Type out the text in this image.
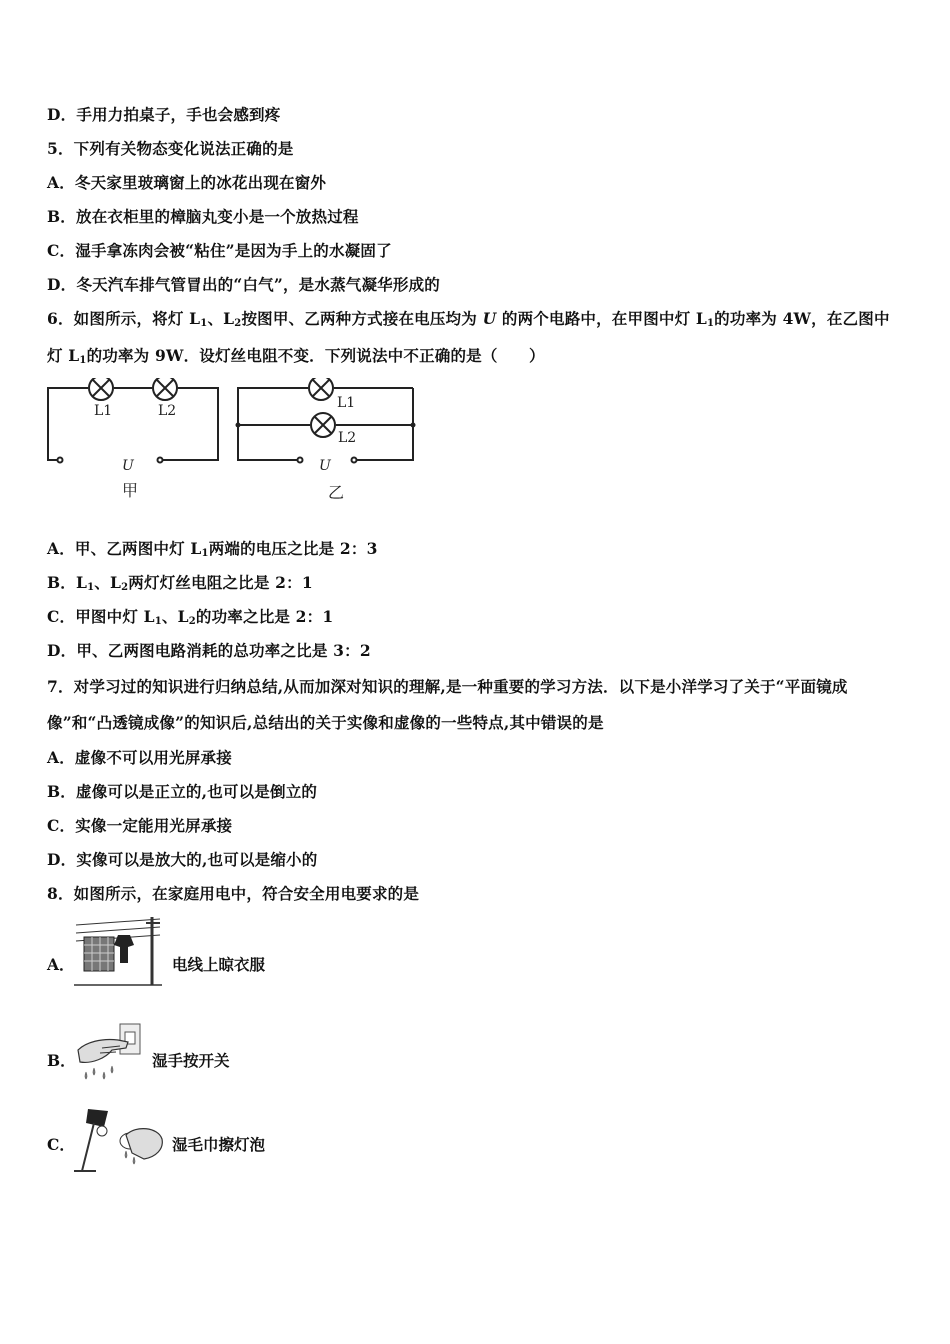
D．手用力拍桌子，手也会感到疼
5．下列有关物态变化说法正确的是
A．冬天家里玻璃窗上的冰花出现在窗外
B．放在衣柜里的樟脑丸变小是一个放热过程
C．湿手拿冻肉会被“粘住”是因为手上的水凝固了
D．冬天汽车排气管冒出的“白气”，是水蒸气凝华形成的
6．如图所示，将灯 $L_1$、$L_2$按图甲、乙两种方式接在电压均为 U 的两个电路中，在甲图中灯 $L_1$的功率为 4W，在乙图中
灯 $L_1$的功率为 9W．设灯丝电阻不变．下列说法中不正确的是（　　）
L1	L2
U
甲
L1
L2
U
乙
A．甲、乙两图中灯 $L_1$两端的电压之比是 2：3
B．$L_1$、$L_2$两灯灯丝电阻之比是 2：1
C．甲图中灯 $L_1$、$L_2$的功率之比是 2：1
D．甲、乙两图电路消耗的总功率之比是 3：2
7．对学习过的知识进行归纳总结,从而加深对知识的理解,是一种重要的学习方法．以下是小洋学习了关于“平面镜成
像”和“凸透镜成像”的知识后,总结出的关于实像和虚像的一些特点,其中错误的是
A．虚像不可以用光屏承接
B．虚像可以是正立的,也可以是倒立的
C．实像一定能用光屏承接
D．实像可以是放大的,也可以是缩小的
8．如图所示，在家庭用电中，符合安全用电要求的是
A．	电线上晾衣服
B．	湿手按开关
C．	湿毛巾擦灯泡
